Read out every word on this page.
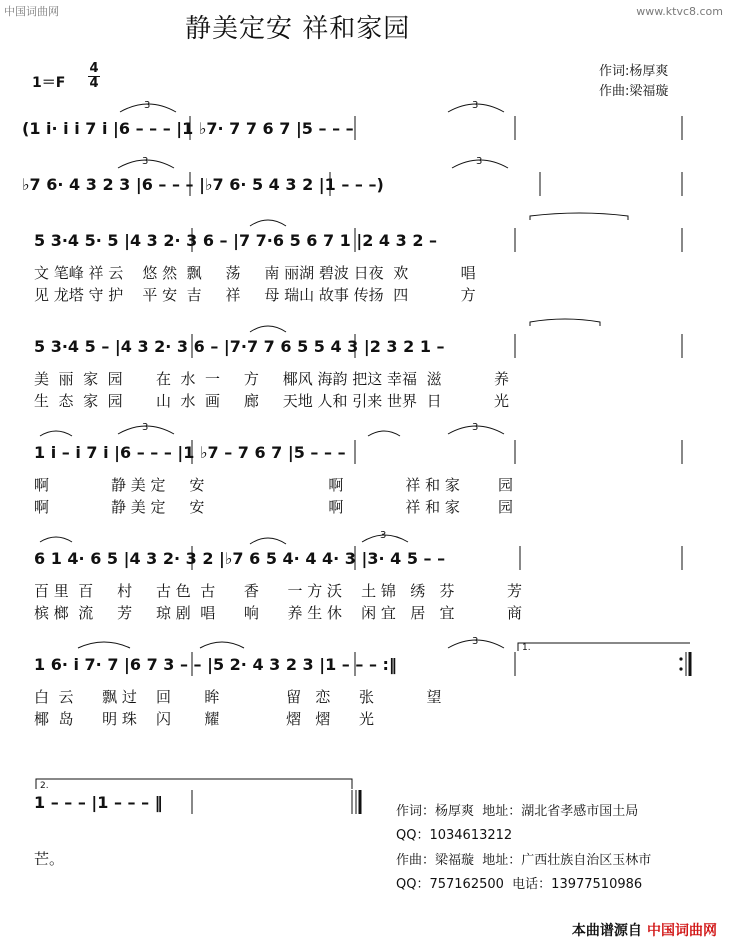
中国词曲网	www.ktvc8.com
静美定安 祥和家园
作词:杨厚爽
作曲:梁福璇
1＝F
4
4
(1 i· i i 7 i |6 – – – |1 ♭7· 7 7 6 7 |5 – – –
♭7 6· 4 3 2 3 |6 – – – |♭7 6· 5 4 3 2 |1 – – –)
5 3·4 5· 5 |4 3 2· 3 6 – |7 7·6 5 6 7 1 |2 4 3 2 –
5 3·4 5 – |4 3 2· 3 6 – |7·7 7 6 5 5 4 3 |2 3 2 1 –
1 i – i 7 i |6 – – – |1 ♭7 – 7 6 7 |5 – – –
6 1 4· 6 5 |4 3 2· 3 2 |♭7 6 5 4· 4 4· 3 |3· 4 5 – –
1 6· i 7· 7 |6 7 3 – – |5 2· 4 3 2 3 |1 – – – :‖
1 – – – |1 – – – ‖
1.
2.
3	3
3	3
3	3
3
3
文 笔峰 祥 云    悠 然  飘     荡     南 丽湖 碧波 日夜  欢           唱
见 龙塔 守 护    平 安  吉     祥     母 瑞山 故事 传扬  四           方
美  丽  家  园       在  水  一     方     椰风 海韵 把这 幸福  滋           养
生  态  家  园       山  水  画     廊     天地 人和 引来 世界  日           光
啊             静 美 定     安                          啊             祥 和 家        园
啊             静 美 定     安                          啊             祥 和 家        园
百 里  百     村     古 色  古      香      一 方 沃    土 锦   绣   芬           芳
槟 榔  流     芳     琼 剧  唱      响      养 生 休    闲 宜   居   宜           商
白  云      飘 过    回       眸              留   恋      张           望
椰  岛      明 珠    闪       耀              熠   熠      光
芒。
作词：杨厚爽  地址：湖北省孝感市国土局
QQ：1034613212
作曲：梁福璇  地址：广西壮族自治区玉林市
QQ：757162500  电话：13977510986
本曲谱源自 中国词曲网
